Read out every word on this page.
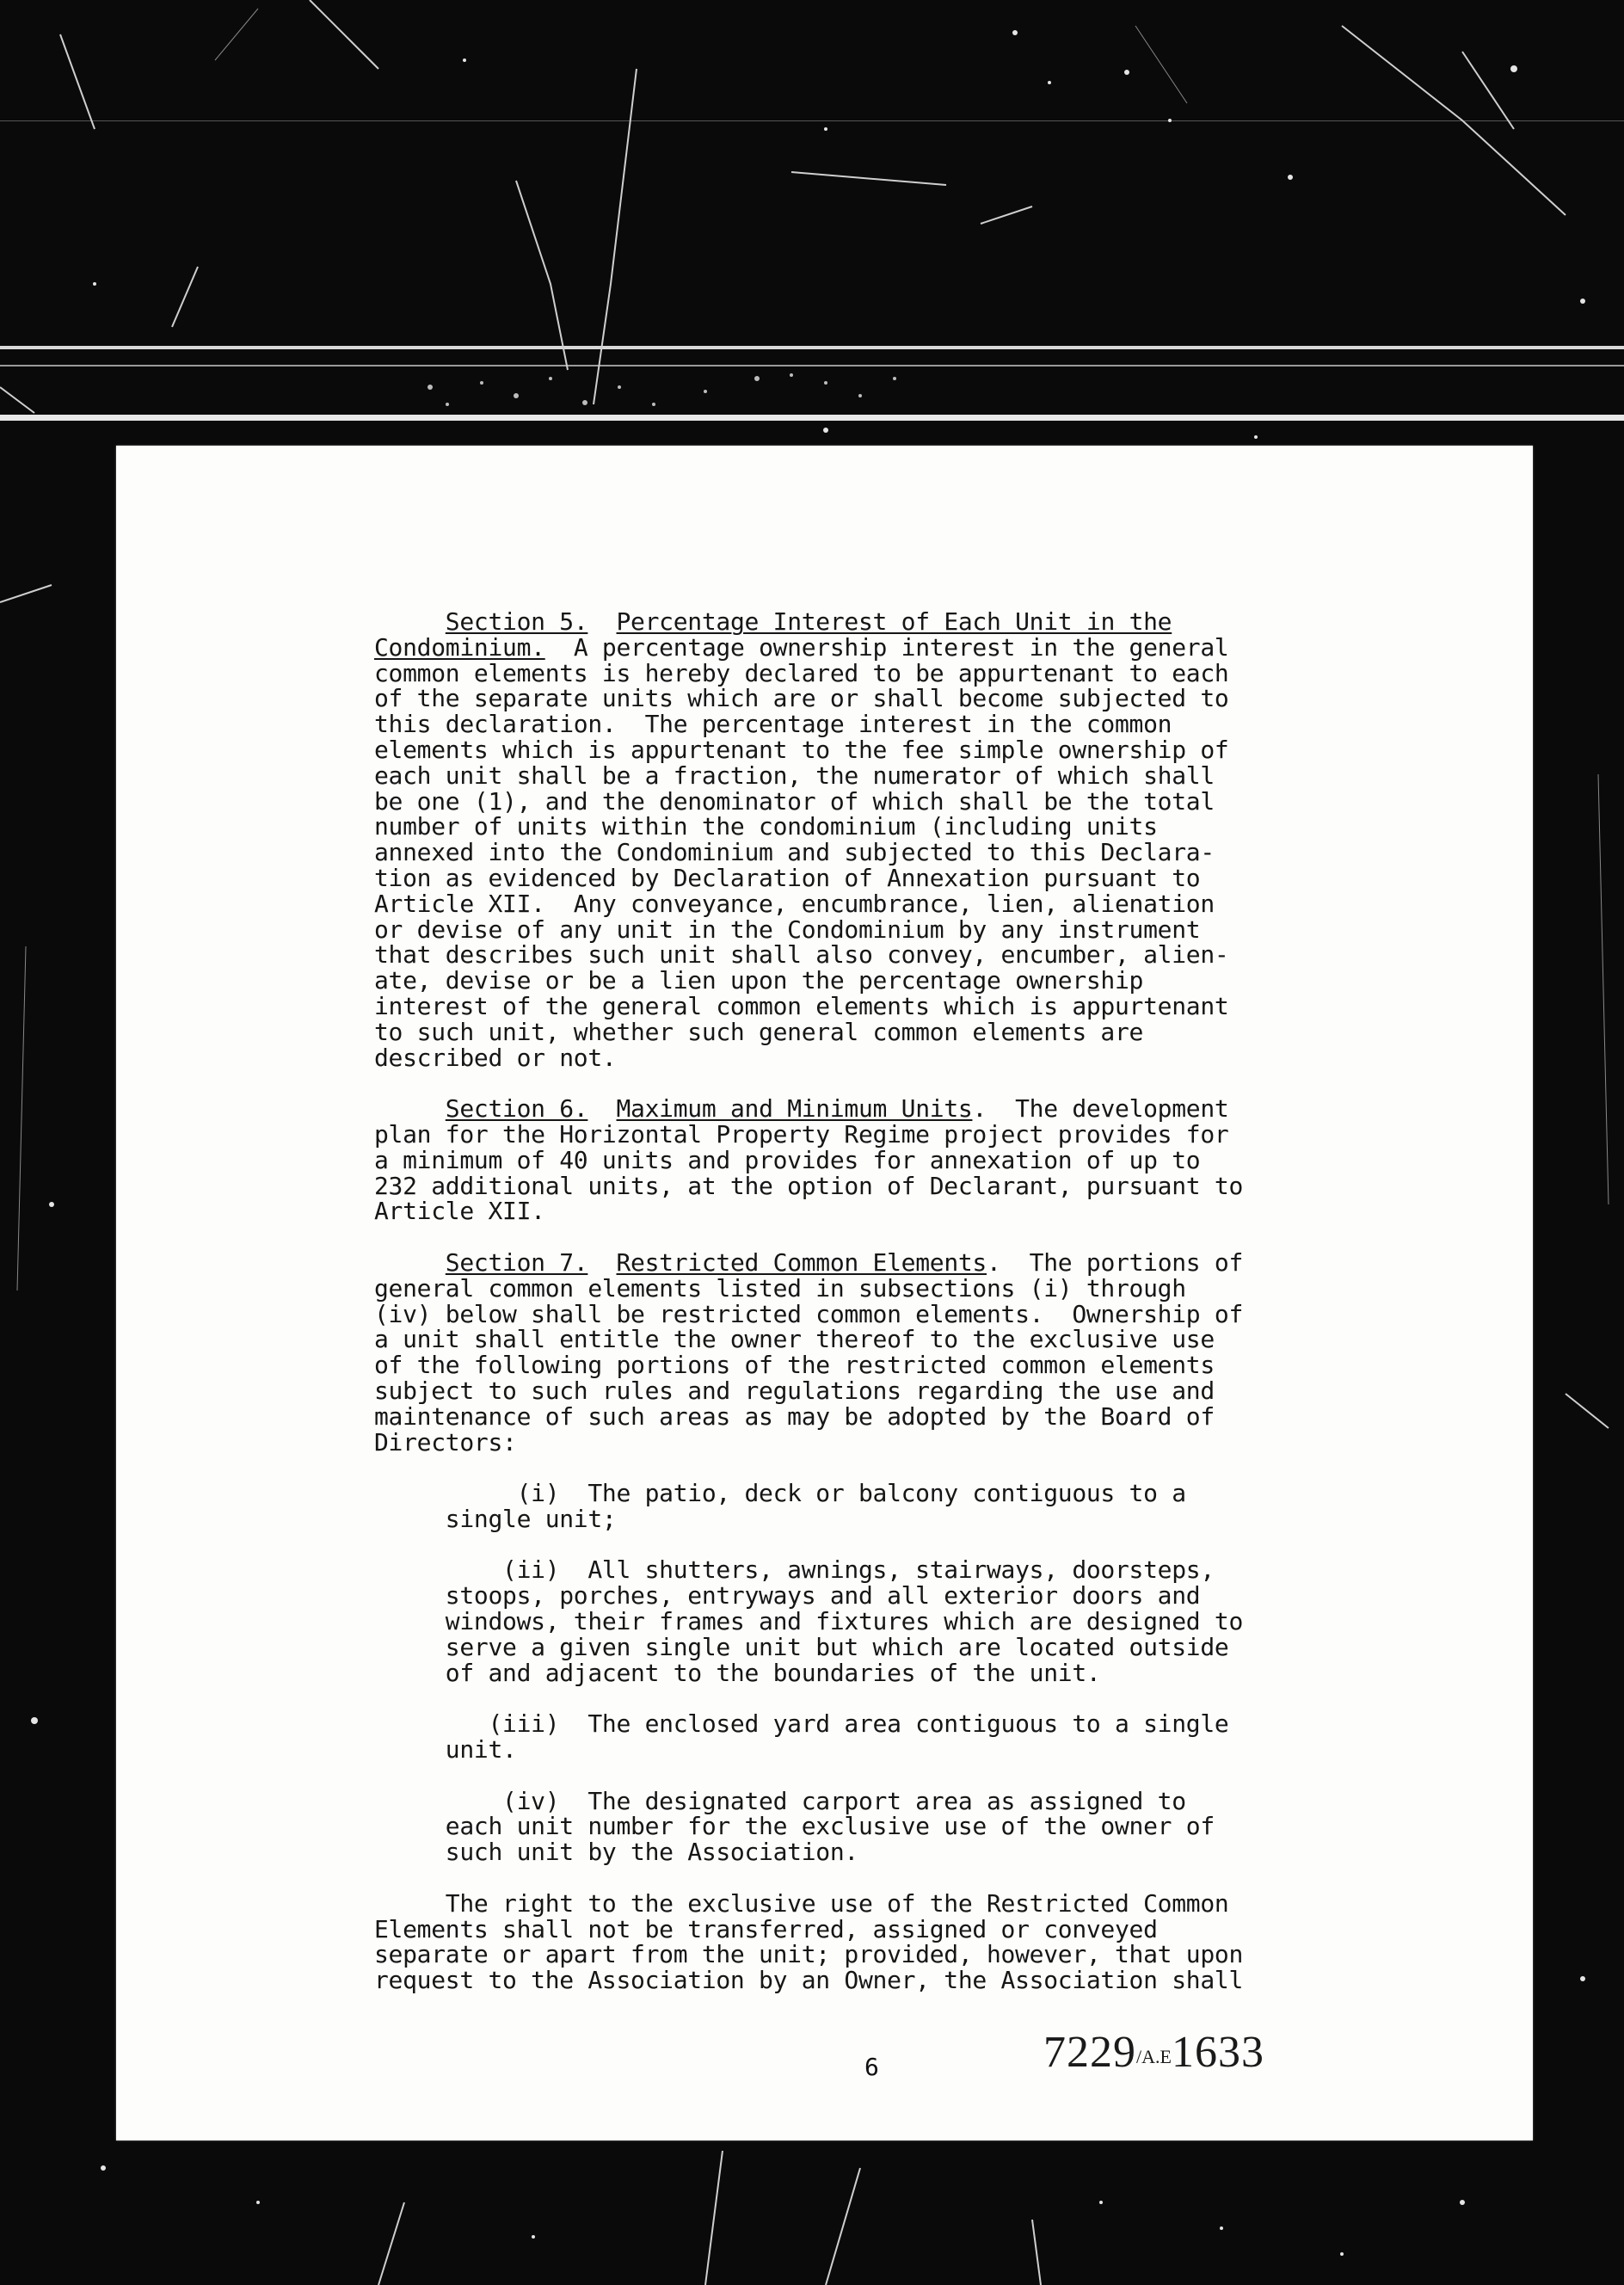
Section 5. Percentage Interest of Each Unit in the
Condominium.  A percentage ownership interest in the general
common elements is hereby declared to be appurtenant to each
of the separate units which are or shall become subjected to
this declaration.  The percentage interest in the common
elements which is appurtenant to the fee simple ownership of
each unit shall be a fraction, the numerator of which shall
be one (1), and the denominator of which shall be the total
number of units within the condominium (including units
annexed into the Condominium and subjected to this Declara-
tion as evidenced by Declaration of Annexation pursuant to
Article XII.  Any conveyance, encumbrance, lien, alienation
or devise of any unit in the Condominium by any instrument
that describes such unit shall also convey, encumber, alien-
ate, devise or be a lien upon the percentage ownership
interest of the general common elements which is appurtenant
to such unit, whether such general common elements are
described or not.
Section 6. Maximum and Minimum Units.  The development
plan for the Horizontal Property Regime project provides for
a minimum of 40 units and provides for annexation of up to
232 additional units, at the option of Declarant, pursuant to
Article XII.
Section 7. Restricted Common Elements.  The portions of
general common elements listed in subsections (i) through
(iv) below shall be restricted common elements.  Ownership of
a unit shall entitle the owner thereof to the exclusive use
of the following portions of the restricted common elements
subject to such rules and regulations regarding the use and
maintenance of such areas as may be adopted by the Board of
Directors:
(i)  The patio, deck or balcony contiguous to a
single unit;
(ii)  All shutters, awnings, stairways, doorsteps,
stoops, porches, entryways and all exterior doors and
windows, their frames and fixtures which are designed to
serve a given single unit but which are located outside
of and adjacent to the boundaries of the unit.
(iii)  The enclosed yard area contiguous to a single
unit.
(iv)  The designated carport area as assigned to
each unit number for the exclusive use of the owner of
such unit by the Association.
The right to the exclusive use of the Restricted Common
Elements shall not be transferred, assigned or conveyed
separate or apart from the unit; provided, however, that upon
request to the Association by an Owner, the Association shall
6	7229/A.E1633
